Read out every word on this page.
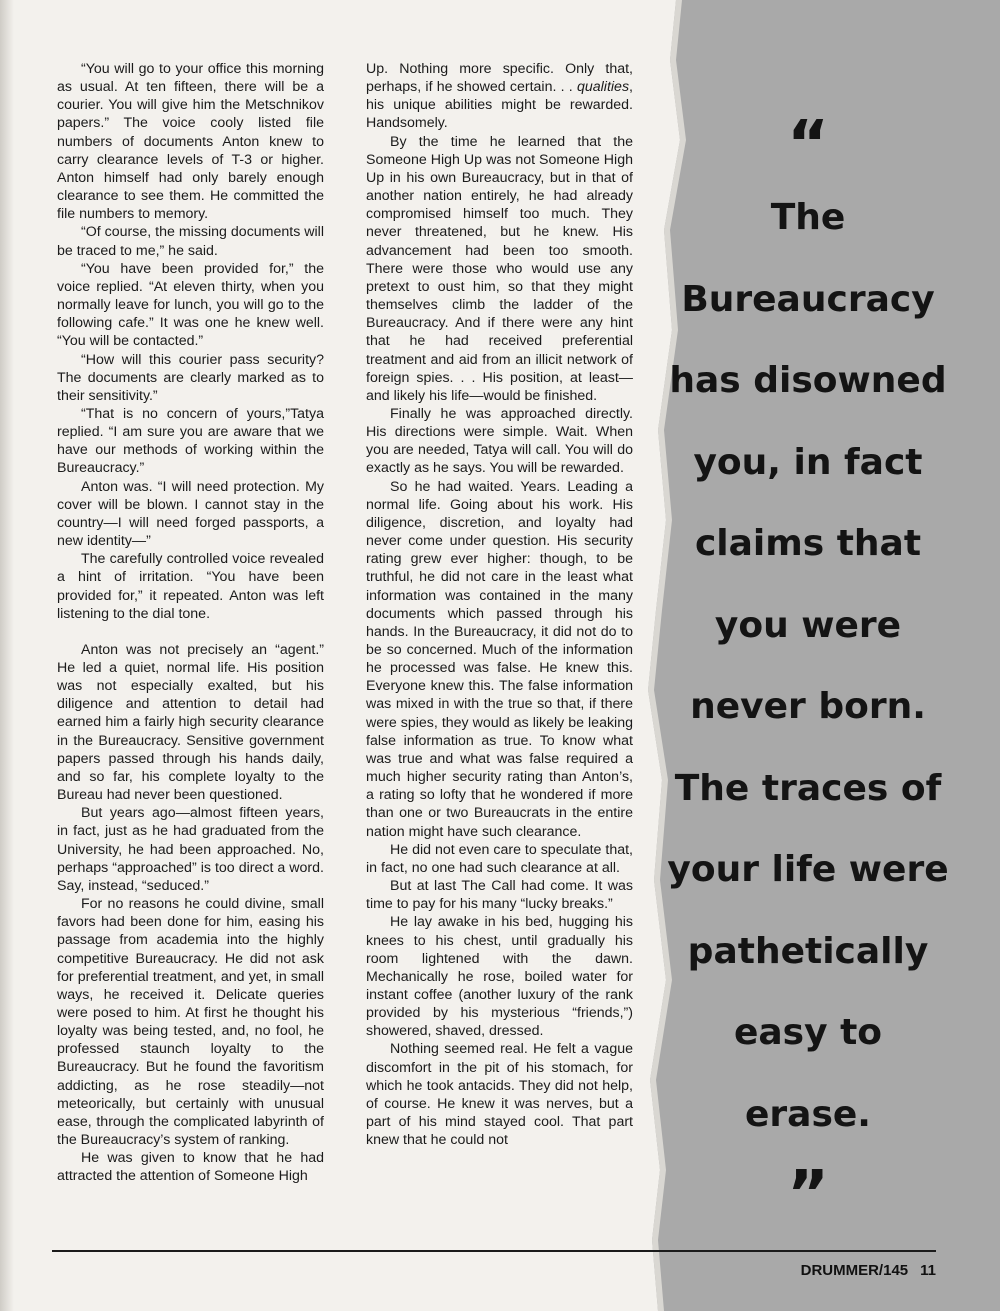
“You will go to your office this morning as usual. At ten fifteen, there will be a courier. You will give him the Metschnikov papers.” The voice cooly listed file numbers of documents Anton knew to carry clearance levels of T-3 or higher. Anton himself had only barely enough clearance to see them. He committed the file numbers to memory.

“Of course, the missing documents will be traced to me,” he said.

“You have been provided for,” the voice replied. “At eleven thirty, when you normally leave for lunch, you will go to the following cafe.” It was one he knew well. “You will be contacted.”

“How will this courier pass security? The documents are clearly marked as to their sensitivity.”

“That is no concern of yours,”Tatya replied. “I am sure you are aware that we have our methods of working within the Bureaucracy.”

Anton was. “I will need protection. My cover will be blown. I cannot stay in the country—I will need forged passports, a new identity—”

The carefully controlled voice revealed a hint of irritation. “You have been provided for,” it repeated. Anton was left listening to the dial tone.

Anton was not precisely an “agent.” He led a quiet, normal life. His position was not especially exalted, but his diligence and attention to detail had earned him a fairly high security clearance in the Bureaucracy. Sensitive government papers passed through his hands daily, and so far, his complete loyalty to the Bureau had never been questioned.

But years ago—almost fifteen years, in fact, just as he had graduated from the University, he had been approached. No, perhaps “approached” is too direct a word. Say, instead, “seduced.”

For no reasons he could divine, small favors had been done for him, easing his passage from academia into the highly competitive Bureaucracy. He did not ask for preferential treatment, and yet, in small ways, he received it. Delicate queries were posed to him. At first he thought his loyalty was being tested, and, no fool, he professed staunch loyalty to the Bureaucracy. But he found the favoritism addicting, as he rose steadily—not meteorically, but certainly with unusual ease, through the complicated labyrinth of the Bureaucracy’s system of ranking.

He was given to know that he had attracted the attention of Someone High

Up. Nothing more specific. Only that, perhaps, if he showed certain. . . qualities, his unique abilities might be rewarded. Handsomely.

By the time he learned that the Someone High Up was not Someone High Up in his own Bureaucracy, but in that of another nation entirely, he had already compromised himself too much. They never threatened, but he knew. His advancement had been too smooth. There were those who would use any pretext to oust him, so that they might themselves climb the ladder of the Bureaucracy. And if there were any hint that he had received preferential treatment and aid from an illicit network of foreign spies. . . His position, at least—and likely his life—would be finished.

Finally he was approached directly. His directions were simple. Wait. When you are needed, Tatya will call. You will do exactly as he says. You will be rewarded.

So he had waited. Years. Leading a normal life. Going about his work. His diligence, discretion, and loyalty had never come under question. His security rating grew ever higher: though, to be truthful, he did not care in the least what information was contained in the many documents which passed through his hands. In the Bureaucracy, it did not do to be so concerned. Much of the information he processed was false. He knew this. Everyone knew this. The false information was mixed in with the true so that, if there were spies, they would as likely be leaking false information as true. To know what was true and what was false required a much higher security rating than Anton’s, a rating so lofty that he wondered if more than one or two Bureaucrats in the entire nation might have such clearance.

He did not even care to speculate that, in fact, no one had such clearance at all.

But at last The Call had come. It was time to pay for his many “lucky breaks.”

He lay awake in his bed, hugging his knees to his chest, until gradually his room lightened with the dawn. Mechanically he rose, boiled water for instant coffee (another luxury of the rank provided by his mysterious “friends,”) showered, shaved, dressed.

Nothing seemed real. He felt a vague discomfort in the pit of his stomach, for which he took antacids. They did not help, of course. He knew it was nerves, but a part of his mind stayed cool. That part knew that he could not

“
The
Bureaucracy
has disowned
you, in fact
claims that
you were
never born.
The traces of
your life were
pathetically
easy to
erase.
”
DRUMMER/145 11
